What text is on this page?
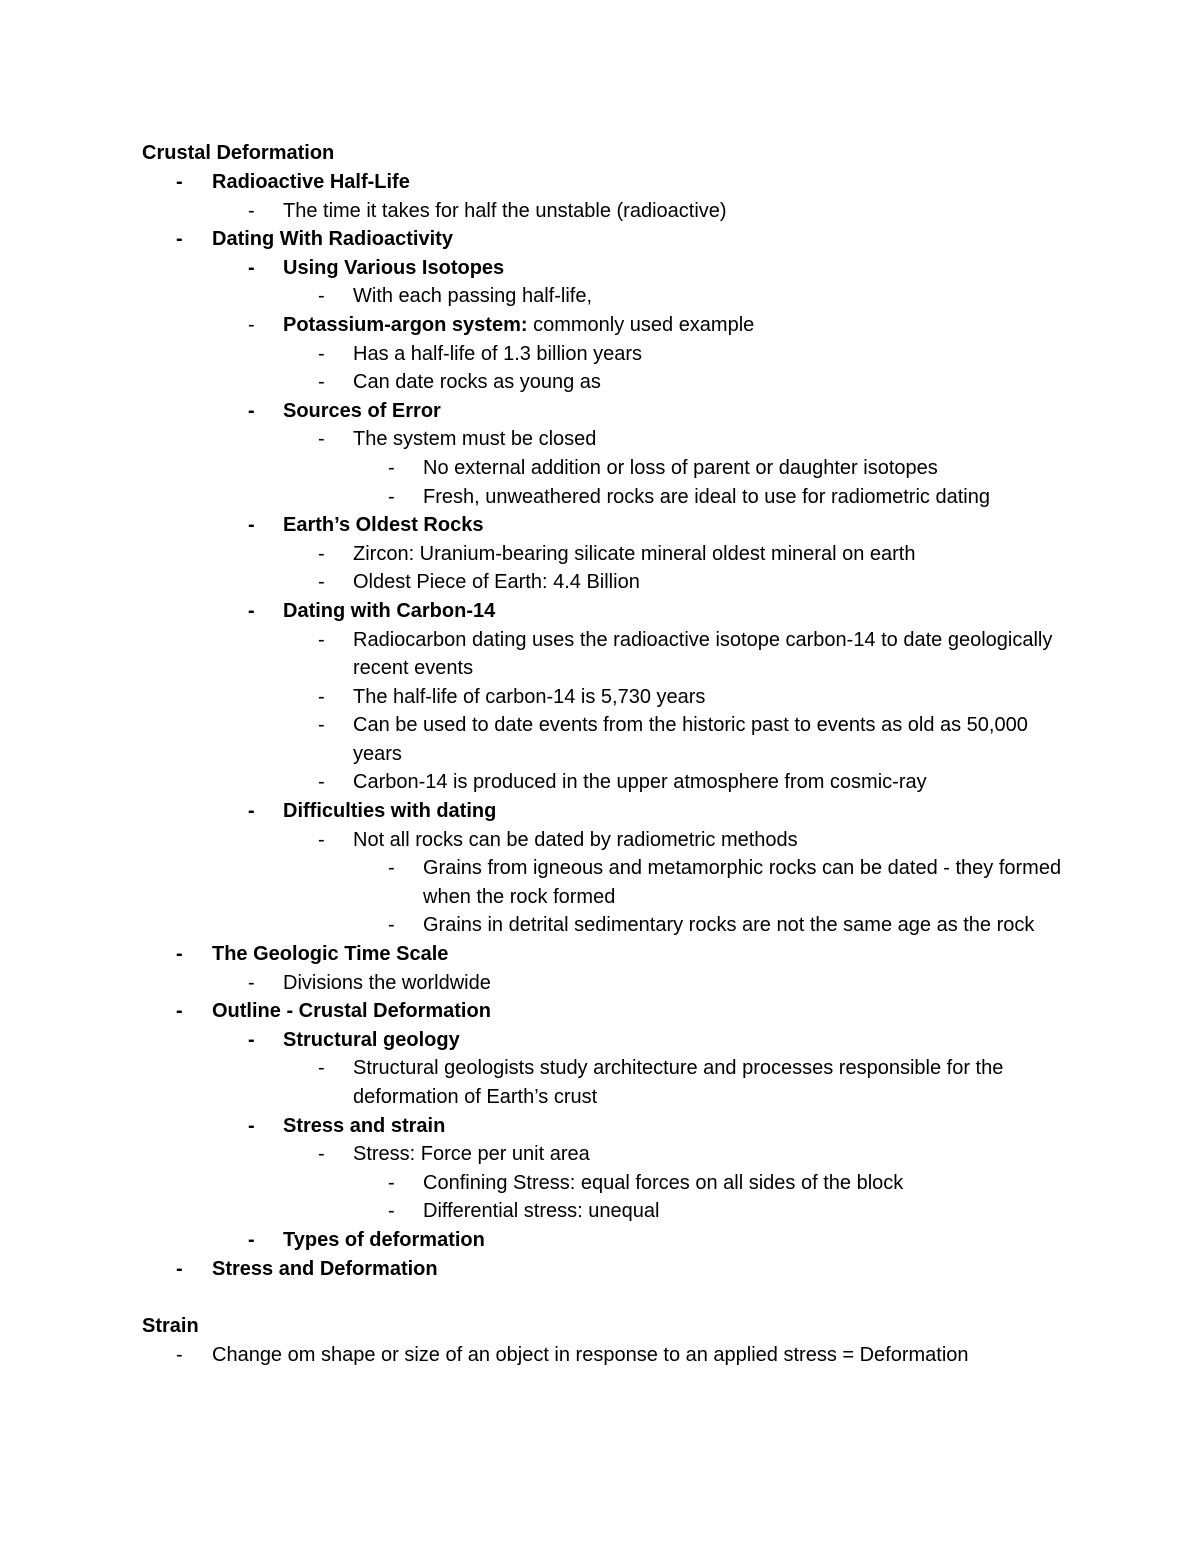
Crustal Deformation
-	Radioactive Half-Life
-	The time it takes for half the unstable (radioactive)
-	Dating With Radioactivity
-	Using Various Isotopes
-	With each passing half-life,
-	Potassium-argon system: commonly used example
-	Has a half-life of 1.3 billion years
-	Can date rocks as young as
-	Sources of Error
-	The system must be closed
-	No external addition or loss of parent or daughter isotopes
-	Fresh, unweathered rocks are ideal to use for radiometric dating
-	Earth’s Oldest Rocks
-	Zircon: Uranium-bearing silicate mineral oldest mineral on earth
-	Oldest Piece of Earth: 4.4 Billion
-	Dating with Carbon-14
-	Radiocarbon dating uses the radioactive isotope carbon-14 to date geologically recent events
-	The half-life of carbon-14 is 5,730 years
-	Can be used to date events from the historic past to events as old as 50,000 years
-	Carbon-14 is produced in the upper atmosphere from cosmic-ray
-	Difficulties with dating
-	Not all rocks can be dated by radiometric methods
-	Grains from igneous and metamorphic rocks can be dated - they formed when the rock formed
-	Grains in detrital sedimentary rocks are not the same age as the rock
-	The Geologic Time Scale
-	Divisions the worldwide
-	Outline - Crustal Deformation
-	Structural geology
-	Structural geologists study architecture and processes responsible for the deformation of Earth’s crust
-	Stress and strain
-	Stress: Force per unit area
-	Confining Stress: equal forces on all sides of the block
-	Differential stress: unequal
-	Types of deformation
-	Stress and Deformation
Strain
-	Change om shape or size of an object in response to an applied stress = Deformation
